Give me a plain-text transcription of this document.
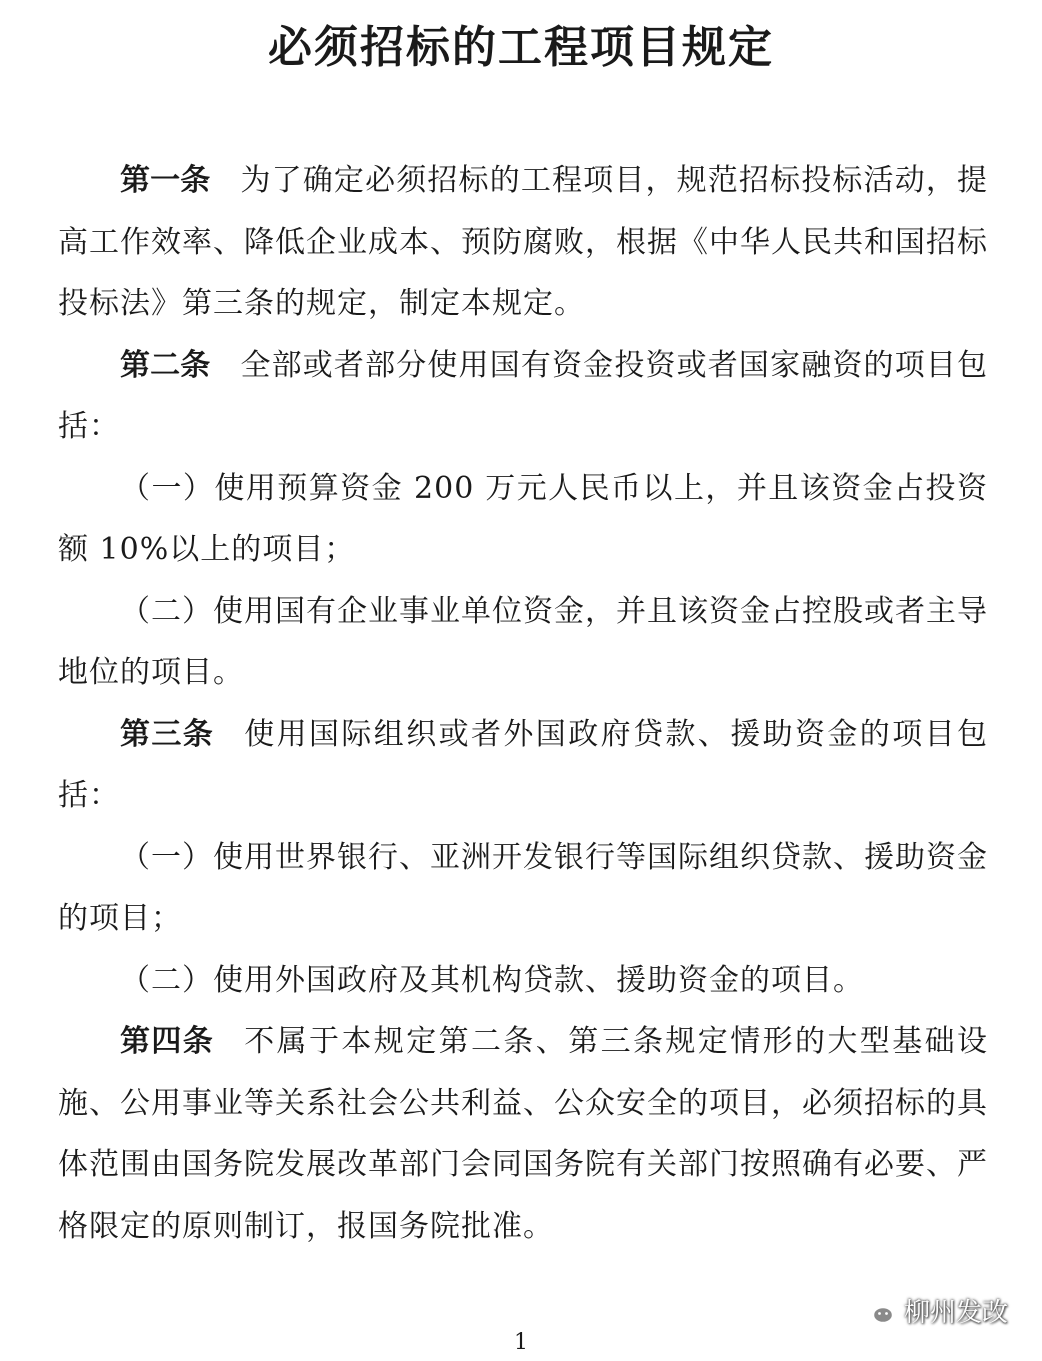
必须招标的工程项目规定

第一条 为了确定必须招标的工程项目，规范招标投标活动，提高工作效率、降低企业成本、预防腐败，根据《中华人民共和国招标投标法》第三条的规定，制定本规定。

第二条 全部或者部分使用国有资金投资或者国家融资的项目包括：

（一）使用预算资金 200 万元人民币以上，并且该资金占投资额 10%以上的项目；

（二）使用国有企业事业单位资金，并且该资金占控股或者主导地位的项目。

第三条 使用国际组织或者外国政府贷款、援助资金的项目包括：

（一）使用世界银行、亚洲开发银行等国际组织贷款、援助资金的项目；

（二）使用外国政府及其机构贷款、援助资金的项目。

第四条 不属于本规定第二条、第三条规定情形的大型基础设施、公用事业等关系社会公共利益、公众安全的项目，必须招标的具体范围由国务院发展改革部门会同国务院有关部门按照确有必要、严格限定的原则制订，报国务院批准。

柳州发改
1
